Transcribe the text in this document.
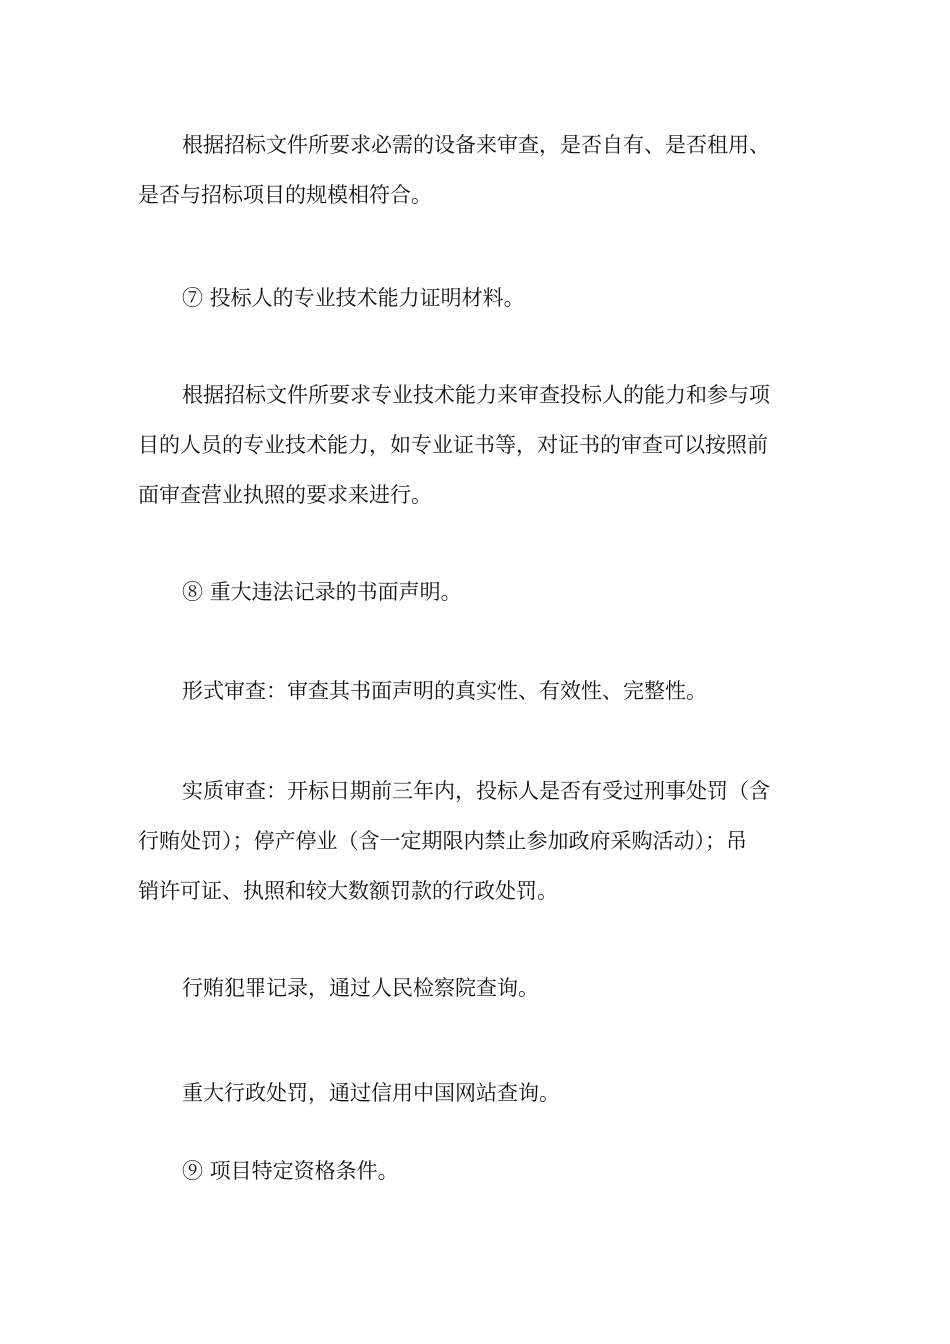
根据招标文件所要求必需的设备来审查，是否自有、是否租用、
是否与招标项目的规模相符合。
⑦ 投标人的专业技术能力证明材料。
根据招标文件所要求专业技术能力来审查投标人的能力和参与项
目的人员的专业技术能力，如专业证书等，对证书的审查可以按照前
面审查营业执照的要求来进行。
⑧ 重大违法记录的书面声明。
形式审查：审查其书面声明的真实性、有效性、完整性。
实质审查：开标日期前三年内，投标人是否有受过刑事处罚（含
行贿处罚）；停产停业（含一定期限内禁止参加政府采购活动）；吊
销许可证、执照和较大数额罚款的行政处罚。
行贿犯罪记录，通过人民检察院查询。
重大行政处罚，通过信用中国网站查询。
⑨ 项目特定资格条件。
